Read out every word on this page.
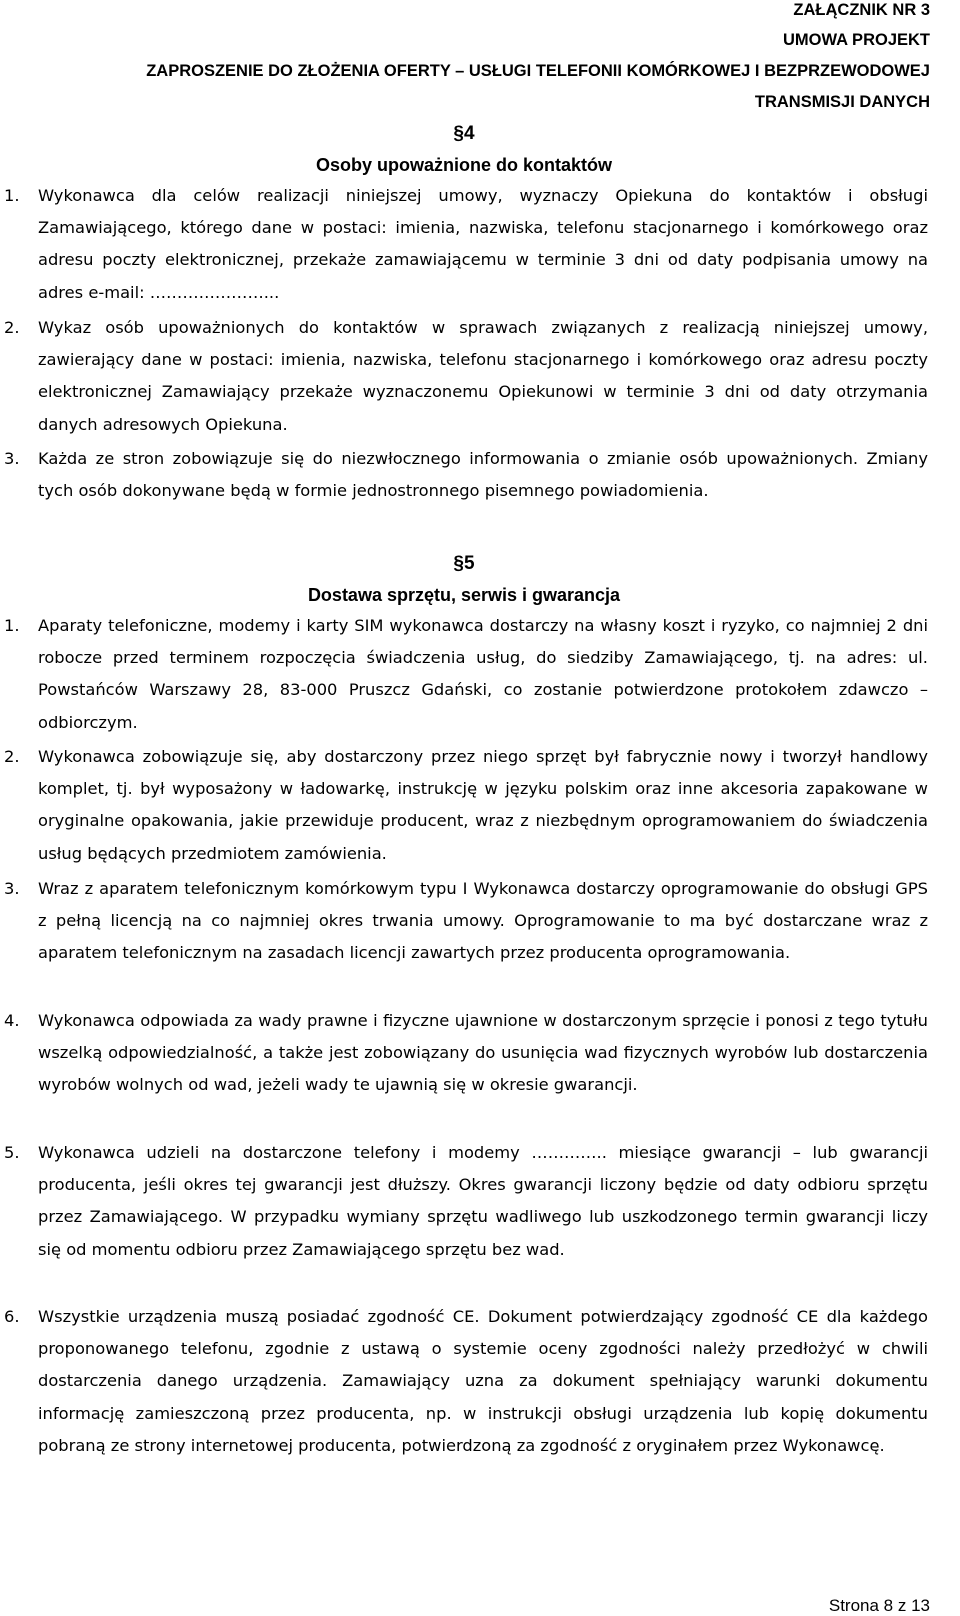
ZAŁĄCZNIK NR 3
UMOWA PROJEKT
ZAPROSZENIE DO ZŁOŻENIA OFERTY – USŁUGI TELEFONII KOMÓRKOWEJ I BEZPRZEWODOWEJ
TRANSMISJI DANYCH
§4
Osoby upoważnione do kontaktów
1. Wykonawca dla celów realizacji niniejszej umowy, wyznaczy Opiekuna do kontaktów i obsługi Zamawiającego, którego dane w postaci: imienia, nazwiska, telefonu stacjonarnego i komórkowego oraz adresu poczty elektronicznej, przekaże zamawiającemu w terminie 3 dni od daty podpisania umowy na adres e-mail: …………………...
2. Wykaz osób upoważnionych do kontaktów w sprawach związanych z realizacją niniejszej umowy, zawierający dane w postaci: imienia, nazwiska, telefonu stacjonarnego i komórkowego oraz adresu poczty elektronicznej Zamawiający przekaże wyznaczonemu Opiekunowi w terminie 3 dni od daty otrzymania danych adresowych Opiekuna.
3. Każda ze stron zobowiązuje się do niezwłocznego informowania o zmianie osób upoważnionych. Zmiany tych osób dokonywane będą w formie jednostronnego pisemnego powiadomienia.
§5
Dostawa sprzętu, serwis i gwarancja
1. Aparaty telefoniczne, modemy i karty SIM wykonawca dostarczy na własny koszt i ryzyko, co najmniej 2 dni robocze przed terminem rozpoczęcia świadczenia usług, do siedziby Zamawiającego, tj. na adres: ul. Powstańców Warszawy 28, 83-000 Pruszcz Gdański, co zostanie potwierdzone protokołem zdawczo – odbiorczym.
2. Wykonawca zobowiązuje się, aby dostarczony przez niego sprzęt był fabrycznie nowy i tworzył handlowy komplet, tj. był wyposażony w ładowarkę, instrukcję w języku polskim oraz inne akcesoria zapakowane w oryginalne opakowania, jakie przewiduje producent, wraz z niezbędnym oprogramowaniem do świadczenia usług będących przedmiotem zamówienia.
3. Wraz z aparatem telefonicznym komórkowym typu I Wykonawca dostarczy oprogramowanie do obsługi GPS z pełną licencją na co najmniej okres trwania umowy. Oprogramowanie to ma być dostarczane wraz z aparatem telefonicznym na zasadach licencji zawartych przez producenta oprogramowania.
4. Wykonawca odpowiada za wady prawne i fizyczne ujawnione w dostarczonym sprzęcie i ponosi z tego tytułu wszelką odpowiedzialność, a także jest zobowiązany do usunięcia wad fizycznych wyrobów lub dostarczenia wyrobów wolnych od wad, jeżeli wady te ujawnią się w okresie gwarancji.
5. Wykonawca udzieli na dostarczone telefony i modemy ………….. miesiące gwarancji – lub gwarancji producenta, jeśli okres tej gwarancji jest dłuższy. Okres gwarancji liczony będzie od daty odbioru sprzętu przez Zamawiającego. W przypadku wymiany sprzętu wadliwego lub uszkodzonego termin gwarancji liczy się od momentu odbioru przez Zamawiającego sprzętu bez wad.
6. Wszystkie urządzenia muszą posiadać zgodność CE. Dokument potwierdzający zgodność CE dla każdego proponowanego telefonu, zgodnie z ustawą o systemie oceny zgodności należy przedłożyć w chwili dostarczenia danego urządzenia. Zamawiający uzna za dokument spełniający warunki dokumentu informację zamieszczoną przez producenta, np. w instrukcji obsługi urządzenia lub kopię dokumentu pobraną ze strony internetowej producenta, potwierdzoną za zgodność z oryginałem przez Wykonawcę.
Strona 8 z 13
